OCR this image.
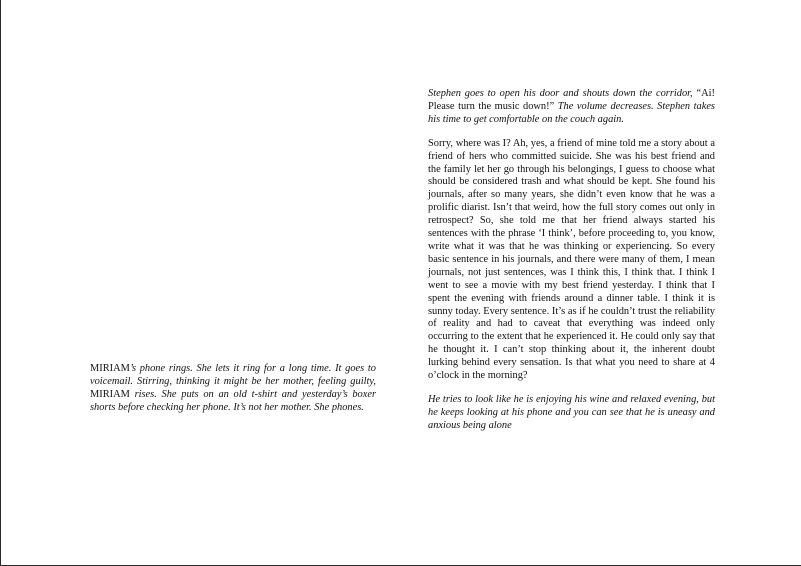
MIRIAM’s phone rings. She lets it ring for a long time. It goes to voicemail. Stirring, thinking it might be her mother, feeling guilty, MIRIAM rises. She puts on an old t-shirt and yesterday’s boxer shorts before checking her phone. It’s not her mother. She phones.

Stephen goes to open his door and shouts down the corridor, “Ai! Please turn the music down!” The volume decreases. Stephen takes his time to get comfortable on the couch again.

Sorry, where was I? Ah, yes, a friend of mine told me a story about a friend of hers who committed suicide. She was his best friend and the family let her go through his belongings, I guess to choose what should be considered trash and what should be kept. She found his journals, after so many years, she didn’t even know that he was a prolific diarist. Isn’t that weird, how the full story comes out only in retrospect? So, she told me that her friend always started his sentences with the phrase ‘I think’, before proceeding to, you know, write what it was that he was thinking or experiencing. So every basic sentence in his journals, and there were many of them, I mean journals, not just sentences, was I think this, I think that. I think I went to see a movie with my best friend yesterday. I think that I spent the evening with friends around a dinner table. I think it is sunny today. Every sentence. It’s as if he couldn’t trust the reliability of reality and had to caveat that everything was indeed only occurring to the extent that he experienced it. He could only say that he thought it. I can’t stop thinking about it, the inherent doubt lurking behind every sensation. Is that what you need to share at 4 o’clock in the morning?

He tries to look like he is enjoying his wine and relaxed evening, but he keeps looking at his phone and you can see that he is uneasy and anxious being alone
